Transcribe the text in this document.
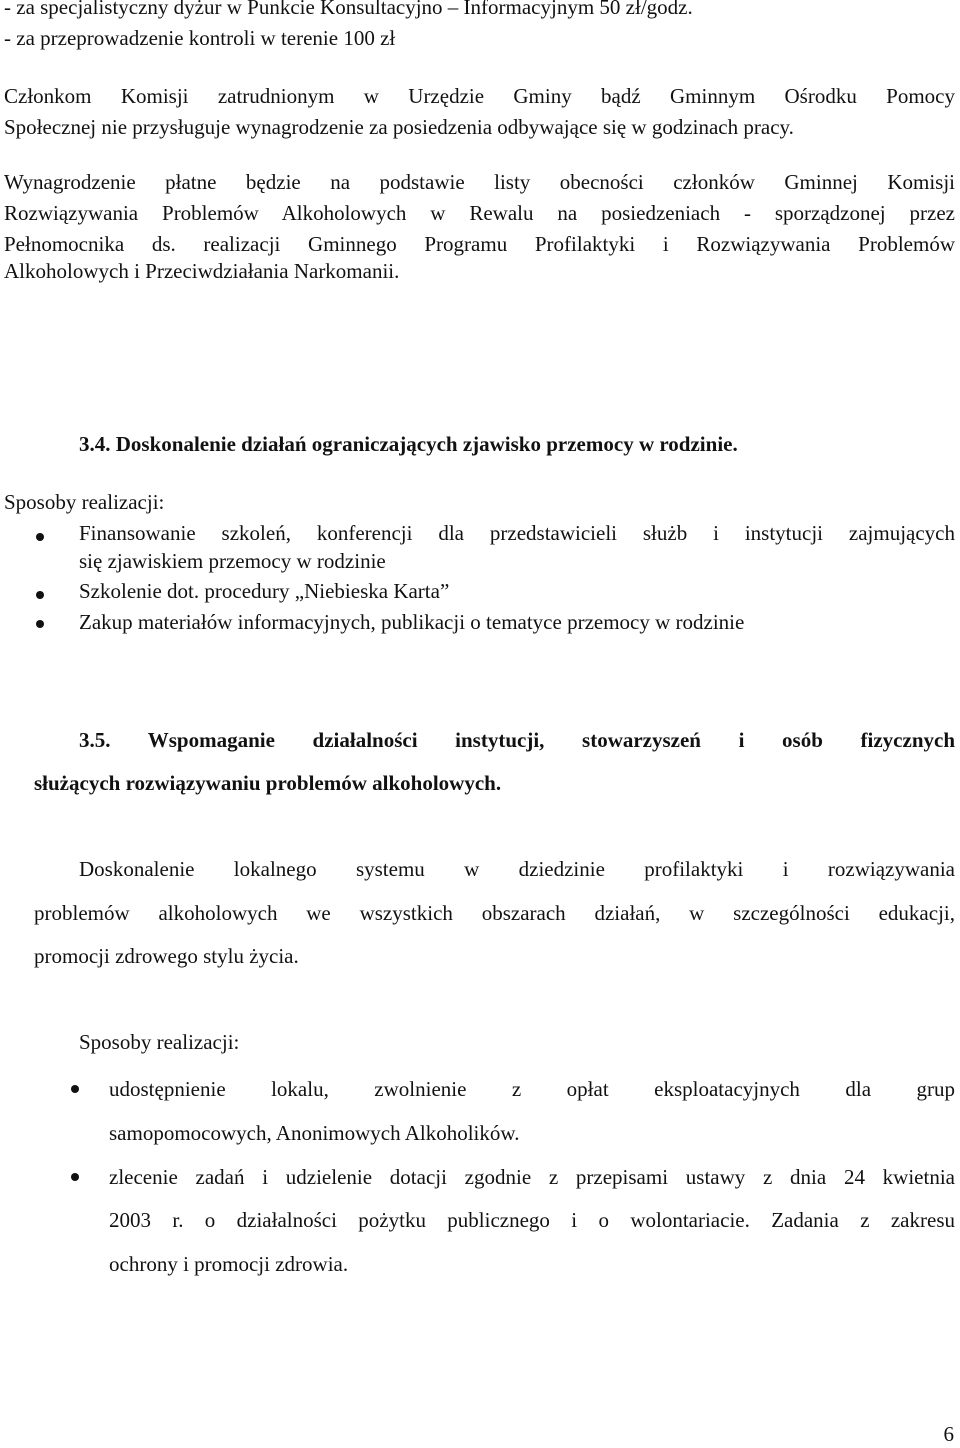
- za specjalistyczny dyżur w Punkcie Konsultacyjno – Informacyjnym 50 zł/godz.
- za przeprowadzenie kontroli w terenie 100 zł
Członkom Komisji zatrudnionym w Urzędzie Gminy bądź Gminnym Ośrodku Pomocy
Społecznej nie przysługuje wynagrodzenie za posiedzenia odbywające się w godzinach pracy.
Wynagrodzenie płatne będzie na podstawie listy obecności członków Gminnej Komisji
Rozwiązywania Problemów Alkoholowych w Rewalu na posiedzeniach - sporządzonej przez
Pełnomocnika ds. realizacji Gminnego Programu Profilaktyki i Rozwiązywania Problemów
Alkoholowych i Przeciwdziałania Narkomanii.
3.4. Doskonalenie działań ograniczających zjawisko przemocy w rodzinie.
Sposoby realizacji:
Finansowanie szkoleń, konferencji dla przedstawicieli służb i instytucji zajmujących
się zjawiskiem przemocy w rodzinie
Szkolenie dot. procedury „Niebieska Karta”
Zakup materiałów informacyjnych, publikacji o tematyce przemocy w rodzinie
3.5. Wspomaganie działalności instytucji, stowarzyszeń i osób fizycznych
służących rozwiązywaniu problemów alkoholowych.
Doskonalenie lokalnego systemu w dziedzinie profilaktyki i rozwiązywania
problemów alkoholowych we wszystkich obszarach działań, w szczególności edukacji,
promocji zdrowego stylu życia.
Sposoby realizacji:
udostępnienie lokalu, zwolnienie z opłat eksploatacyjnych dla grup
samopomocowych, Anonimowych Alkoholików.
zlecenie zadań i udzielenie dotacji zgodnie z przepisami ustawy z dnia 24 kwietnia
2003 r. o działalności pożytku publicznego i o wolontariacie. Zadania z zakresu
ochrony i promocji zdrowia.
6
